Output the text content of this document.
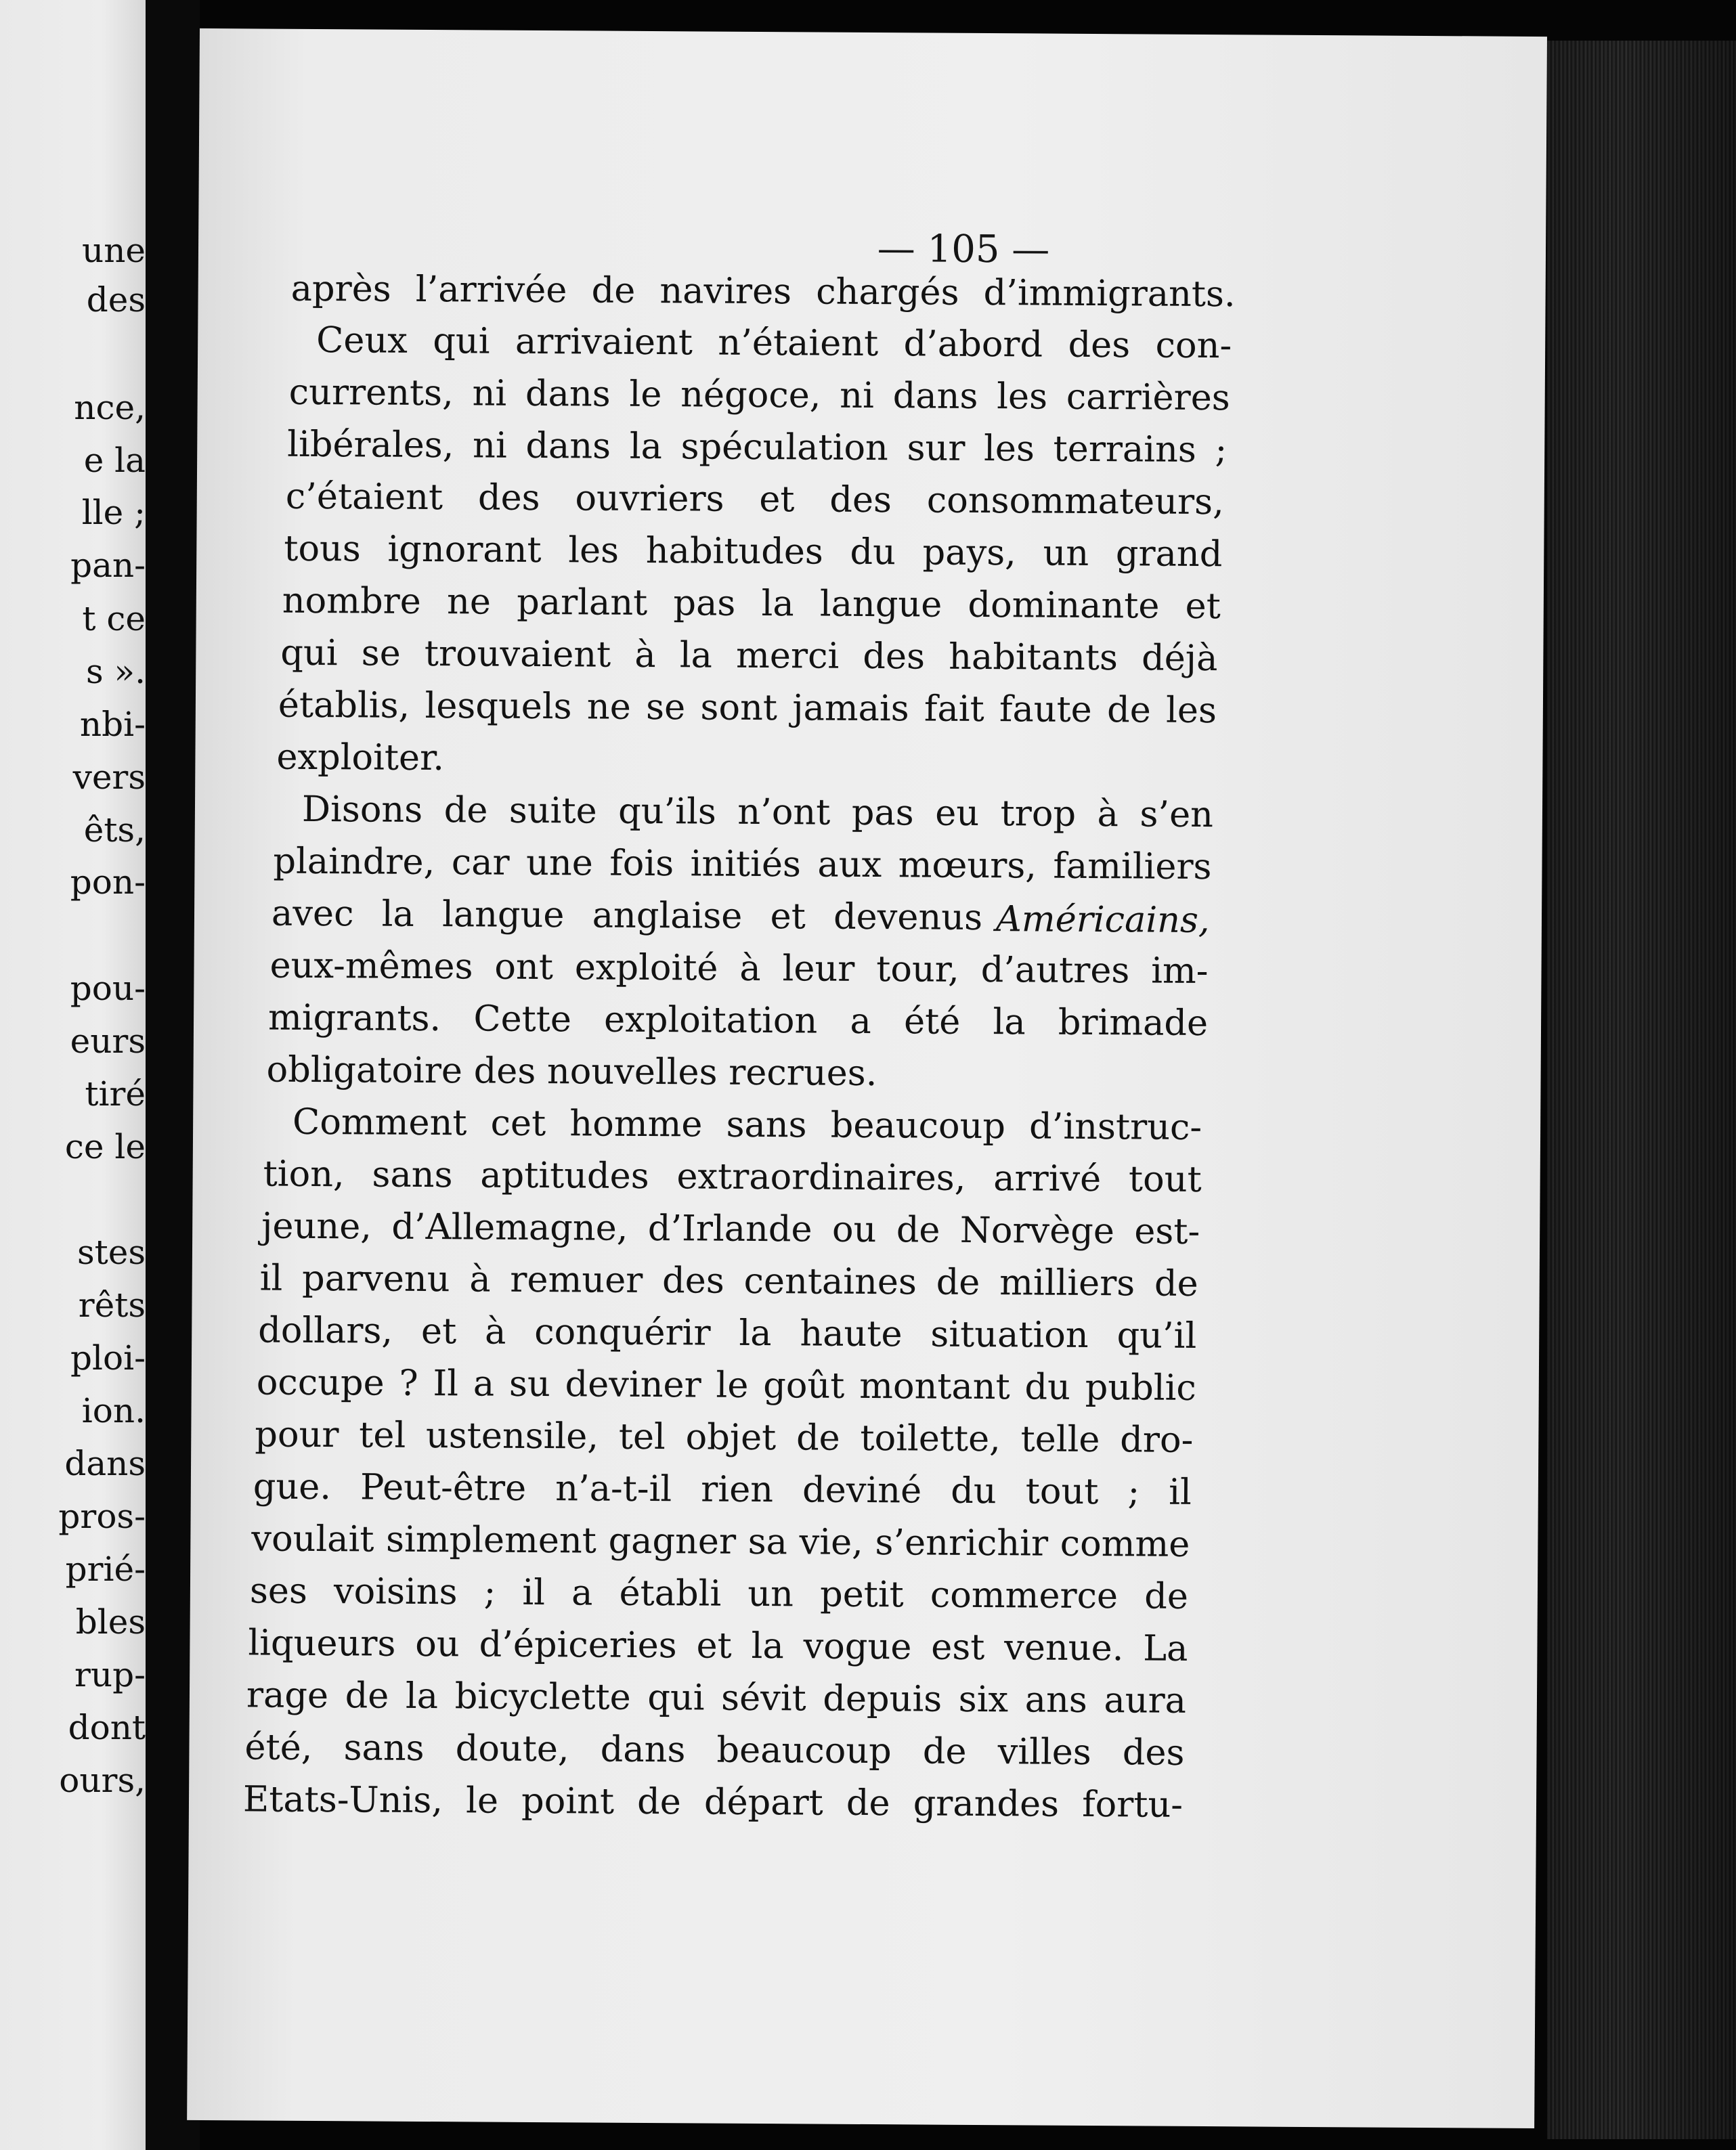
une
des
nce,
e la
lle ;
pan-
t ce
s ».
nbi-
vers
êts,
pon-
pou-
eurs
tiré
ce le
stes
rêts
ploi-
ion.
dans
pros-
prié-
bles
rup-
dont
ours,
— 105 —
après l’arrivée de navires chargés d’immigrants.
Ceux qui arrivaient n’étaient d’abord des con-
currents, ni dans le négoce, ni dans les carrières
libérales, ni dans la spéculation sur les terrains ;
c’étaient des ouvriers et des consommateurs,
tous ignorant les habitudes du pays, un grand
nombre ne parlant pas la langue dominante et
qui se trouvaient à la merci des habitants déjà
établis, lesquels ne se sont jamais fait faute de les
exploiter.
Disons de suite qu’ils n’ont pas eu trop à s’en
plaindre, car une fois initiés aux mœurs, familiers
avec la langue anglaise et devenus Américains,
eux-mêmes ont exploité à leur tour, d’autres im-
migrants. Cette exploitation a été la brimade
obligatoire des nouvelles recrues.
Comment cet homme sans beaucoup d’instruc-
tion, sans aptitudes extraordinaires, arrivé tout
jeune, d’Allemagne, d’Irlande ou de Norvège est-
il parvenu à remuer des centaines de milliers de
dollars, et à conquérir la haute situation qu’il
occupe ? Il a su deviner le goût montant du public
pour tel ustensile, tel objet de toilette, telle dro-
gue. Peut-être n’a-t-il rien deviné du tout ; il
voulait simplement gagner sa vie, s’enrichir comme
ses voisins ; il a établi un petit commerce de
liqueurs ou d’épiceries et la vogue est venue. La
rage de la bicyclette qui sévit depuis six ans aura
été, sans doute, dans beaucoup de villes des
Etats-Unis, le point de départ de grandes fortu-
